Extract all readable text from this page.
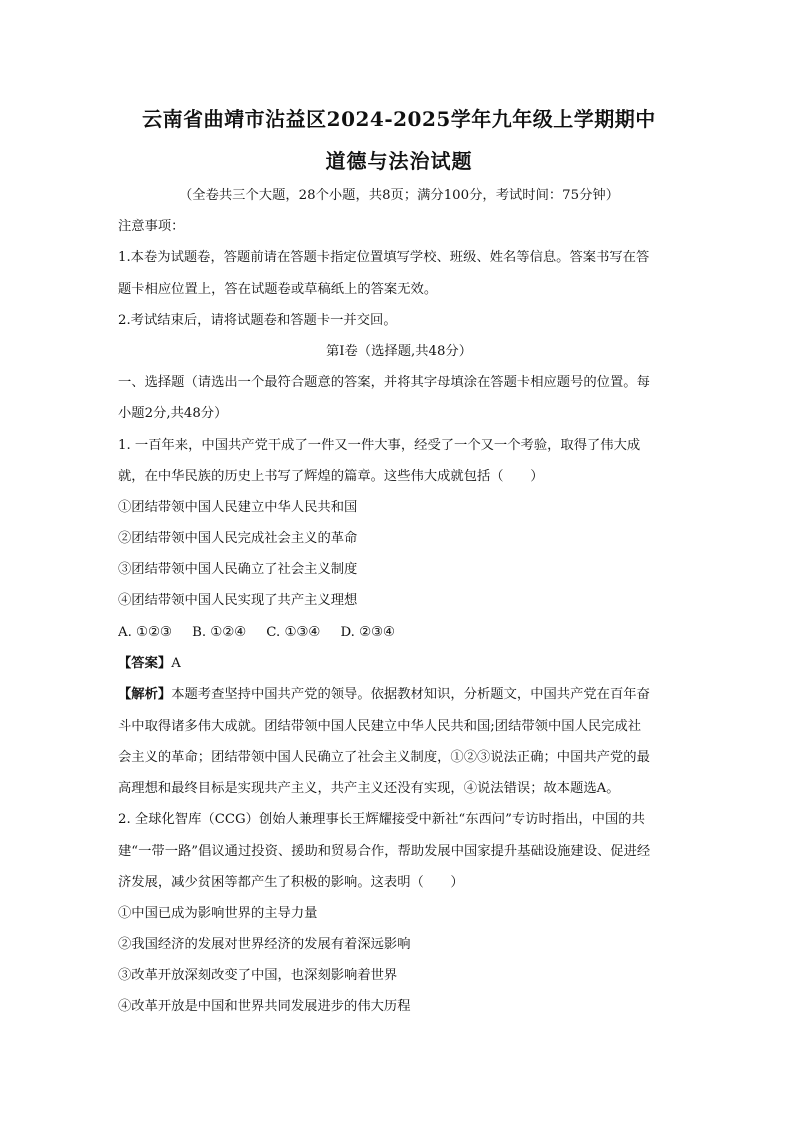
云南省曲靖市沾益区2024-2025学年九年级上学期期中
道德与法治试题
（全卷共三个大题，28个小题，共8页；满分100分，考试时间：75分钟）
注意事项：
1.本卷为试题卷，答题前请在答题卡指定位置填写学校、班级、姓名等信息。答案书写在答
题卡相应位置上，答在试题卷或草稿纸上的答案无效。
2.考试结束后，请将试题卷和答题卡一并交回。
第Ⅰ卷（选择题,共48分）
一、选择题（请选出一个最符合题意的答案，并将其字母填涂在答题卡相应题号的位置。每
小题2分,共48分）
1. 一百年来，中国共产党干成了一件又一件大事，经受了一个又一个考验，取得了伟大成
就，在中华民族的历史上书写了辉煌的篇章。这些伟大成就包括（　　）
①团结带领中国人民建立中华人民共和国
②团结带领中国人民完成社会主义的革命
③团结带领中国人民确立了社会主义制度
④团结带领中国人民实现了共产主义理想
A. ①②③ B. ①②④ C. ①③④ D. ②③④
【答案】A
【解析】本题考查坚持中国共产党的领导。依据教材知识，分析题文，中国共产党在百年奋
斗中取得诸多伟大成就。团结带领中国人民建立中华人民共和国;团结带领中国人民完成社
会主义的革命；团结带领中国人民确立了社会主义制度，①②③说法正确；中国共产党的最
高理想和最终目标是实现共产主义，共产主义还没有实现，④说法错误；故本题选A。
2. 全球化智库（CCG）创始人兼理事长王辉耀接受中新社“东西问”专访时指出，中国的共
建“一带一路”倡议通过投资、援助和贸易合作，帮助发展中国家提升基础设施建设、促进经
济发展，减少贫困等都产生了积极的影响。这表明（　　）
①中国已成为影响世界的主导力量
②我国经济的发展对世界经济的发展有着深远影响
③改革开放深刻改变了中国，也深刻影响着世界
④改革开放是中国和世界共同发展进步的伟大历程
